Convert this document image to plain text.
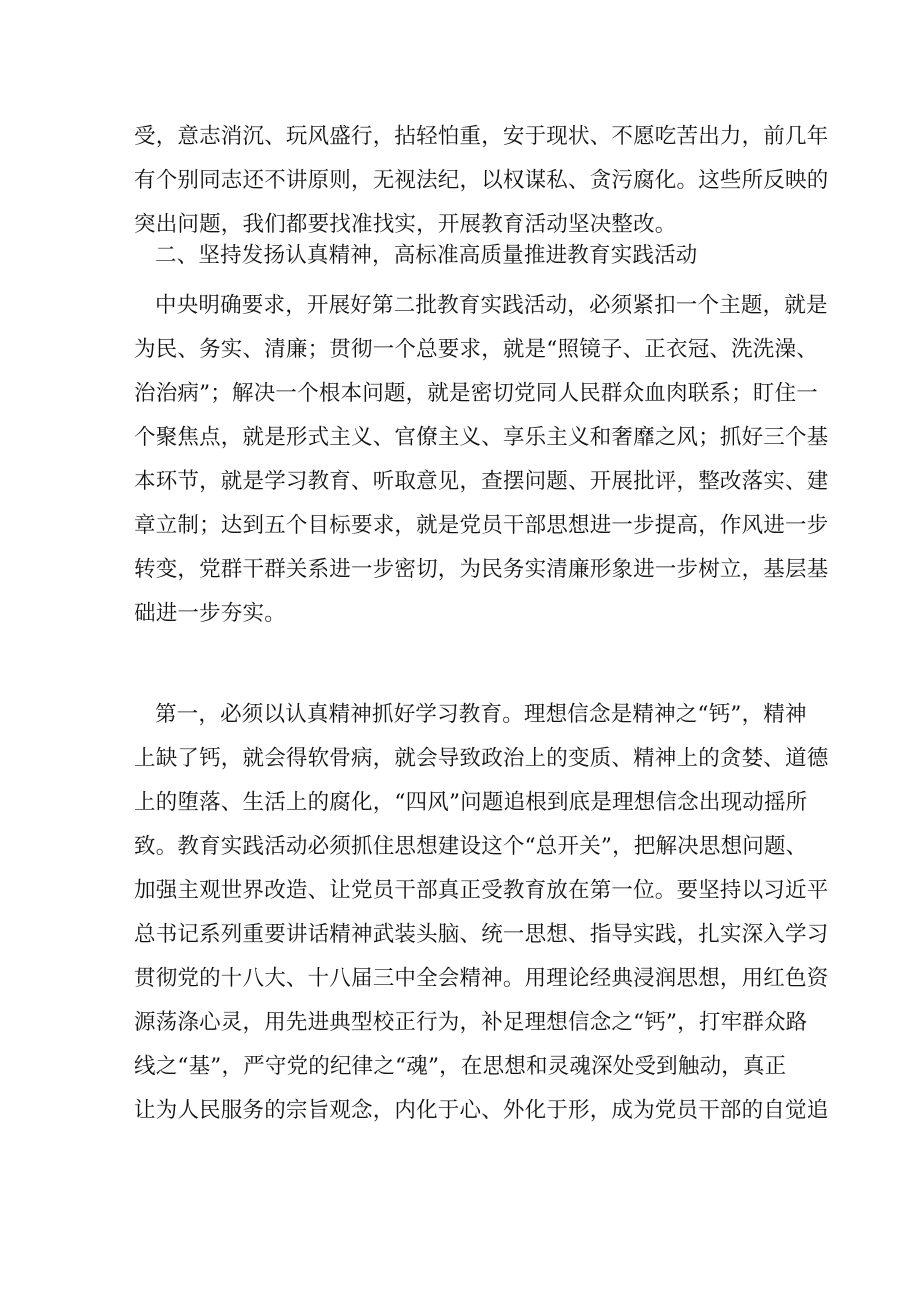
受，意志消沉、玩风盛行，拈轻怕重，安于现状、不愿吃苦出力，前几年
有个别同志还不讲原则，无视法纪，以权谋私、贪污腐化。这些所反映的
突出问题，我们都要找准找实，开展教育活动坚决整改。
二、坚持发扬认真精神，高标准高质量推进教育实践活动
中央明确要求，开展好第二批教育实践活动，必须紧扣一个主题，就是
为民、务实、清廉；贯彻一个总要求，就是“照镜子、正衣冠、洗洗澡、
治治病”；解决一个根本问题，就是密切党同人民群众血肉联系；盯住一
个聚焦点，就是形式主义、官僚主义、享乐主义和奢靡之风；抓好三个基
本环节，就是学习教育、听取意见，查摆问题、开展批评，整改落实、建
章立制；达到五个目标要求，就是党员干部思想进一步提高，作风进一步
转变，党群干群关系进一步密切，为民务实清廉形象进一步树立，基层基
础进一步夯实。
第一，必须以认真精神抓好学习教育。理想信念是精神之“钙”，精神
上缺了钙，就会得软骨病，就会导致政治上的变质、精神上的贪婪、道德
上的堕落、生活上的腐化，“四风”问题追根到底是理想信念出现动摇所
致。教育实践活动必须抓住思想建设这个“总开关”，把解决思想问题、
加强主观世界改造、让党员干部真正受教育放在第一位。要坚持以习近平
总书记系列重要讲话精神武装头脑、统一思想、指导实践，扎实深入学习
贯彻党的十八大、十八届三中全会精神。用理论经典浸润思想，用红色资
源荡涤心灵，用先进典型校正行为，补足理想信念之“钙”，打牢群众路
线之“基”，严守党的纪律之“魂”，在思想和灵魂深处受到触动，真正
让为人民服务的宗旨观念，内化于心、外化于形，成为党员干部的自觉追
